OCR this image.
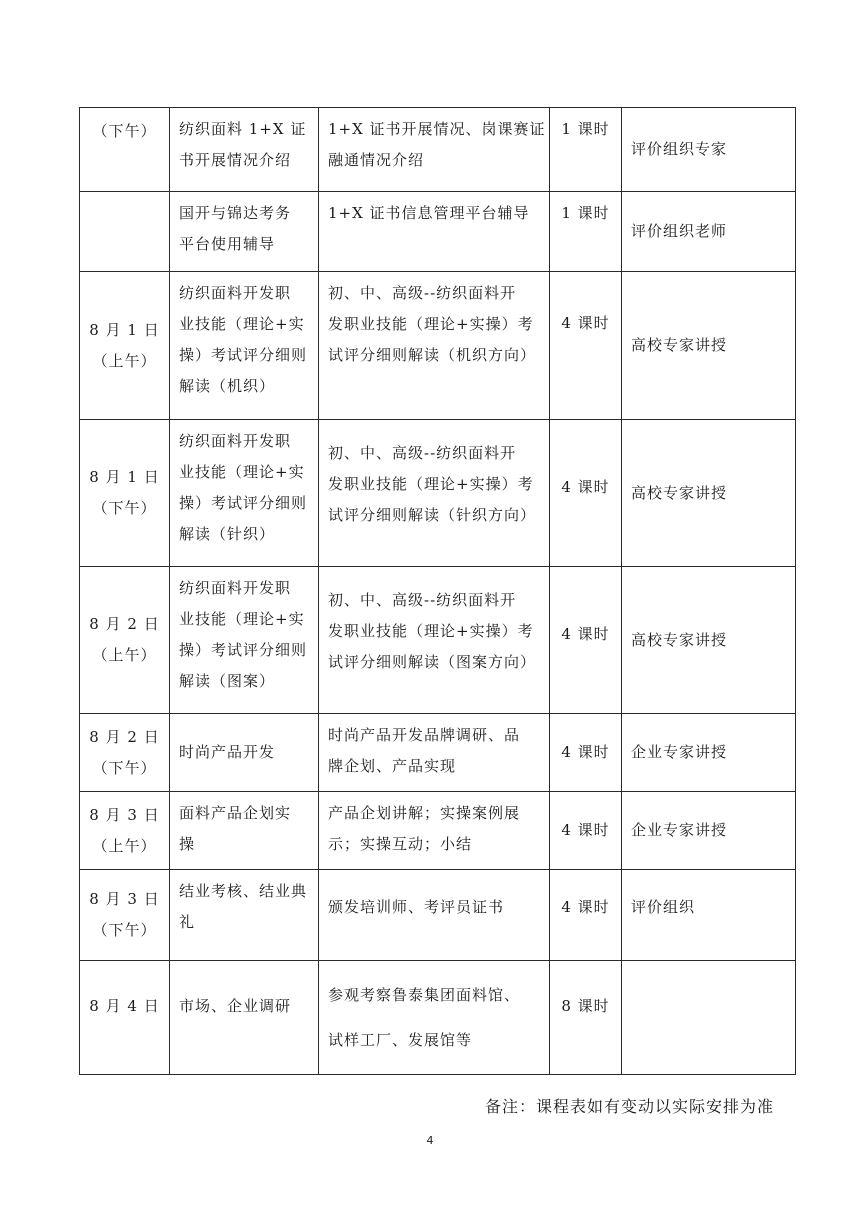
（下午）	纺织面料 1+X 证
书开展情况介绍	1+X 证书开展情况、岗课赛证
融通情况介绍	1 课时	评价组织专家

	国开与锦达考务
平台使用辅导	1+X 证书信息管理平台辅导	1 课时	评价组织老师

8 月 1 日
（上午）	纺织面料开发职
业技能（理论+实
操）考试评分细则
解读（机织）	初、中、高级--纺织面料开
发职业技能（理论+实操）考
试评分细则解读（机织方向）	4 课时	高校专家讲授

8 月 1 日
（下午）	纺织面料开发职
业技能（理论+实
操）考试评分细则
解读（针织）	初、中、高级--纺织面料开
发职业技能（理论+实操）考
试评分细则解读（针织方向）	4 课时	高校专家讲授

8 月 2 日
（上午）	纺织面料开发职
业技能（理论+实
操）考试评分细则
解读（图案）	初、中、高级--纺织面料开
发职业技能（理论+实操）考
试评分细则解读（图案方向）	4 课时	高校专家讲授

8 月 2 日
（下午）	时尚产品开发	时尚产品开发品牌调研、品
牌企划、产品实现	4 课时	企业专家讲授

8 月 3 日
（上午）	面料产品企划实
操	产品企划讲解；实操案例展
示；实操互动；小结	4 课时	企业专家讲授

8 月 3 日
（下午）	结业考核、结业典
礼	颁发培训师、考评员证书	4 课时	评价组织

8 月 4 日	市场、企业调研	参观考察鲁泰集团面料馆、
试样工厂、发展馆等	8 课时	
备注：课程表如有变动以实际安排为准
4
